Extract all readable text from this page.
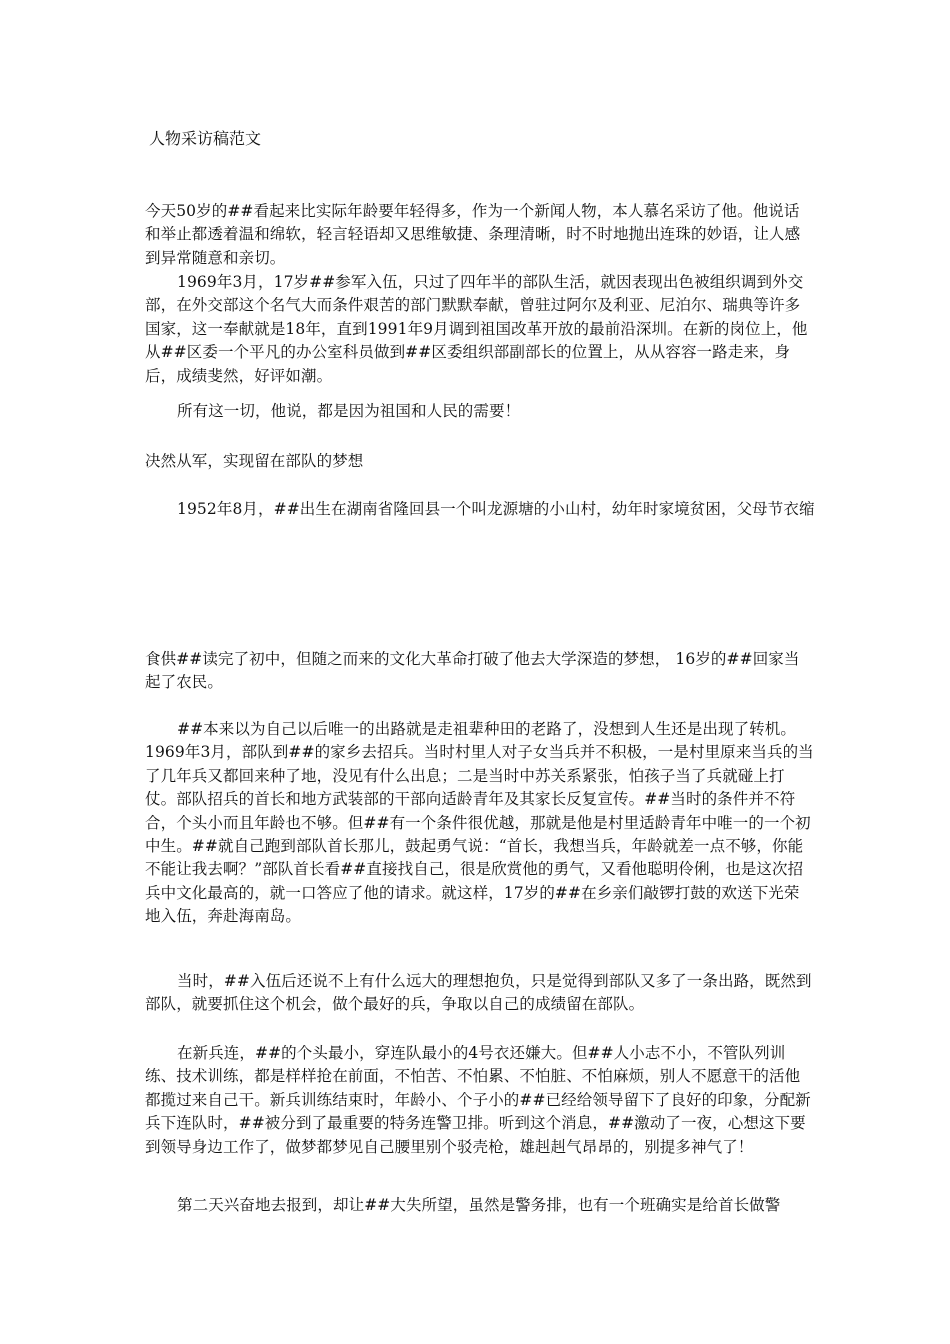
人物采访稿范文

今天50岁的##看起来比实际年龄要年轻得多，作为一个新闻人物，本人慕名采访了他。他说话和举止都透着温和绵软，轻言轻语却又思维敏捷、条理清晰，时不时地抛出连珠的妙语，让人感到异常随意和亲切。

1969年3月，17岁##参军入伍，只过了四年半的部队生活，就因表现出色被组织调到外交部，在外交部这个名气大而条件艰苦的部门默默奉献，曾驻过阿尔及利亚、尼泊尔、瑞典等许多国家，这一奉献就是18年，直到1991年9月调到祖国改革开放的最前沿深圳。在新的岗位上，他从##区委一个平凡的办公室科员做到##区委组织部副部长的位置上，从从容容一路走来，身后，成绩斐然，好评如潮。

所有这一切，他说，都是因为祖国和人民的需要！

决然从军，实现留在部队的梦想

1952年8月，##出生在湖南省隆回县一个叫龙源塘的小山村，幼年时家境贫困，父母节衣缩

食供##读完了初中，但随之而来的文化大革命打破了他去大学深造的梦想， 16岁的##回家当起了农民。

##本来以为自己以后唯一的出路就是走祖辈种田的老路了，没想到人生还是出现了转机。1969年3月，部队到##的家乡去招兵。当时村里人对子女当兵并不积极，一是村里原来当兵的当了几年兵又都回来种了地，没见有什么出息；二是当时中苏关系紧张，怕孩子当了兵就碰上打仗。部队招兵的首长和地方武装部的干部向适龄青年及其家长反复宣传。##当时的条件并不符合，个头小而且年龄也不够。但##有一个条件很优越，那就是他是村里适龄青年中唯一的一个初中生。##就自己跑到部队首长那儿，鼓起勇气说：“首长，我想当兵，年龄就差一点不够，你能不能让我去啊？”部队首长看##直接找自己，很是欣赏他的勇气，又看他聪明伶俐，也是这次招兵中文化最高的，就一口答应了他的请求。就这样，17岁的##在乡亲们敲锣打鼓的欢送下光荣地入伍，奔赴海南岛。

当时，##入伍后还说不上有什么远大的理想抱负，只是觉得到部队又多了一条出路，既然到部队，就要抓住这个机会，做个最好的兵，争取以自己的成绩留在部队。

在新兵连，##的个头最小，穿连队最小的4号衣还嫌大。但##人小志不小，不管队列训练、技术训练，都是样样抢在前面，不怕苦、不怕累、不怕脏、不怕麻烦，别人不愿意干的活他都揽过来自己干。新兵训练结束时，年龄小、个子小的##已经给领导留下了良好的印象，分配新兵下连队时，##被分到了最重要的特务连警卫排。听到这个消息，##激动了一夜，心想这下要到领导身边工作了，做梦都梦见自己腰里别个驳壳枪，雄赳赳气昂昂的，别提多神气了！

第二天兴奋地去报到，却让##大失所望，虽然是警务排，也有一个班确实是给首长做警
